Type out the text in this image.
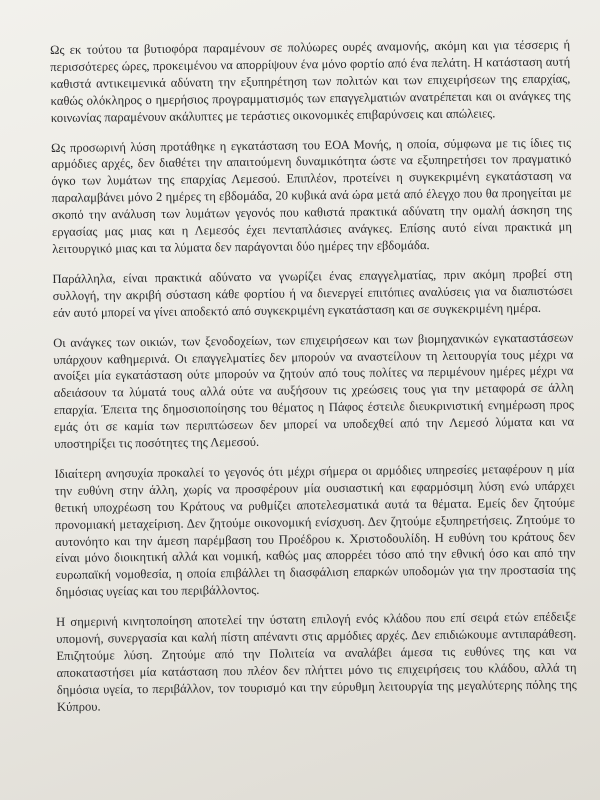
Ως εκ τούτου τα βυτιοφόρα παραμένουν σε πολύωρες ουρές αναμονής, ακόμη και για τέσσερις ή περισσότερες ώρες, προκειμένου να απορρίψουν ένα μόνο φορτίο από ένα πελάτη. Η κατάσταση αυτή καθιστά αντικειμενικά αδύνατη την εξυπηρέτηση των πολιτών και των επιχειρήσεων της επαρχίας, καθώς ολόκληρος ο ημερήσιος προγραμματισμός των επαγγελματιών ανατρέπεται και οι ανάγκες της κοινωνίας παραμένουν ακάλυπτες με τεράστιες οικονομικές επιβαρύνσεις και απώλειες.

Ως προσωρινή λύση προτάθηκε η εγκατάσταση του ΕΟΑ Μονής, η οποία, σύμφωνα με τις ίδιες τις αρμόδιες αρχές, δεν διαθέτει την απαιτούμενη δυναμικότητα ώστε να εξυπηρετήσει τον πραγματικό όγκο των λυμάτων της επαρχίας Λεμεσού. Επιπλέον, προτείνει η συγκεκριμένη εγκατάσταση να παραλαμβάνει μόνο 2 ημέρες τη εβδομάδα, 20 κυβικά ανά ώρα μετά από έλεγχο που θα προηγείται με σκοπό την ανάλυση των λυμάτων γεγονός που καθιστά πρακτικά αδύνατη την ομαλή άσκηση της εργασίας μας μιας και η Λεμεσός έχει πενταπλάσιες ανάγκες. Επίσης αυτό είναι πρακτικά μη λειτουργικό μιας και τα λύματα δεν παράγονται δύο ημέρες την εβδομάδα.

Παράλληλα, είναι πρακτικά αδύνατο να γνωρίζει ένας επαγγελματίας, πριν ακόμη προβεί στη συλλογή, την ακριβή σύσταση κάθε φορτίου ή να διενεργεί επιτόπιες αναλύσεις για να διαπιστώσει εάν αυτό μπορεί να γίνει αποδεκτό από συγκεκριμένη εγκατάσταση και σε συγκεκριμένη ημέρα.

Οι ανάγκες των οικιών, των ξενοδοχείων, των επιχειρήσεων και των βιομηχανικών εγκαταστάσεων υπάρχουν καθημερινά. Οι επαγγελματίες δεν μπορούν να αναστείλουν τη λειτουργία τους μέχρι να ανοίξει μία εγκατάσταση ούτε μπορούν να ζητούν από τους πολίτες να περιμένουν ημέρες μέχρι να αδειάσουν τα λύματά τους αλλά ούτε να αυξήσουν τις χρεώσεις τους για την μεταφορά σε άλλη επαρχία. Έπειτα της δημοσιοποίησης του θέματος η Πάφος έστειλε διευκρινιστική ενημέρωση προς εμάς ότι σε καμία των περιπτώσεων δεν μπορεί να υποδεχθεί από την Λεμεσό λύματα και να υποστηρίξει τις ποσότητες της Λεμεσού.

Ιδιαίτερη ανησυχία προκαλεί το γεγονός ότι μέχρι σήμερα οι αρμόδιες υπηρεσίες μεταφέρουν η μία την ευθύνη στην άλλη, χωρίς να προσφέρουν μία ουσιαστική και εφαρμόσιμη λύση ενώ υπάρχει θετική υποχρέωση του Κράτους να ρυθμίζει αποτελεσματικά αυτά τα θέματα. Εμείς δεν ζητούμε προνομιακή μεταχείριση. Δεν ζητούμε οικονομική ενίσχυση. Δεν ζητούμε εξυπηρετήσεις. Ζητούμε το αυτονόητο και την άμεση παρέμβαση του Προέδρου κ. Χριστοδουλίδη. Η ευθύνη του κράτους δεν είναι μόνο διοικητική αλλά και νομική, καθώς μας απορρέει τόσο από την εθνική όσο και από την ευρωπαϊκή νομοθεσία, η οποία επιβάλλει τη διασφάλιση επαρκών υποδομών για την προστασία της δημόσιας υγείας και του περιβάλλοντος.

Η σημερινή κινητοποίηση αποτελεί την ύστατη επιλογή ενός κλάδου που επί σειρά ετών επέδειξε υπομονή, συνεργασία και καλή πίστη απέναντι στις αρμόδιες αρχές. Δεν επιδιώκουμε αντιπαράθεση. Επιζητούμε λύση. Ζητούμε από την Πολιτεία να αναλάβει άμεσα τις ευθύνες της και να αποκαταστήσει μία κατάσταση που πλέον δεν πλήττει μόνο τις επιχειρήσεις του κλάδου, αλλά τη δημόσια υγεία, το περιβάλλον, τον τουρισμό και την εύρυθμη λειτουργία της μεγαλύτερης πόλης της Κύπρου.
